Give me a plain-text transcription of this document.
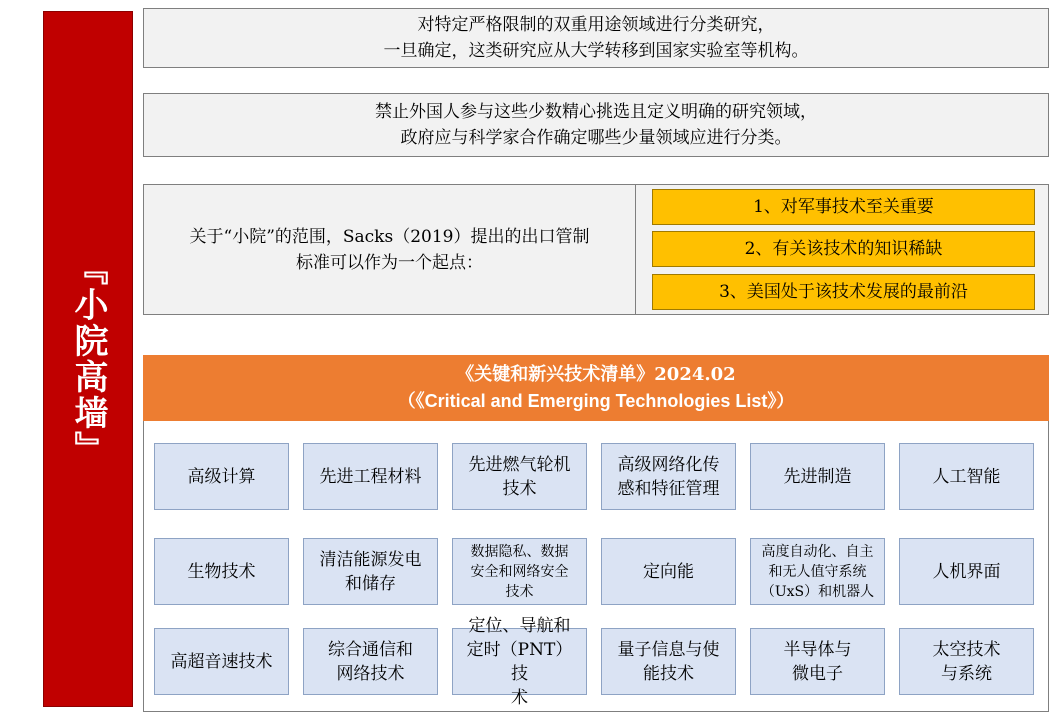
『小院高墙』
对特定严格限制的双重用途领域进行分类研究，
一旦确定，这类研究应从大学转移到国家实验室等机构。
禁止外国人参与这些少数精心挑选且定义明确的研究领域，
政府应与科学家合作确定哪些少量领域应进行分类。
关于“小院”的范围，Sacks（2019）提出的出口管制
标准可以作为一个起点：
1、对军事技术至关重要
2、有关该技术的知识稀缺
3、美国处于该技术发展的最前沿
《关键和新兴技术清单》2024.02
（《Critical and Emerging Technologies List》）
高级计算	先进工程材料
先进燃气轮机
技术
高级网络化传
感和特征管理
先进制造	人工智能
生物技术
清洁能源发电
和储存
数据隐私、数据
安全和网络安全
技术
定向能
高度自动化、自主
和无人值守系统
（UxS）和机器人
人机界面
高超音速技术
综合通信和
网络技术
定位、导航和
定时（PNT）技
术
量子信息与使
能技术
半导体与
微电子
太空技术
与系统
